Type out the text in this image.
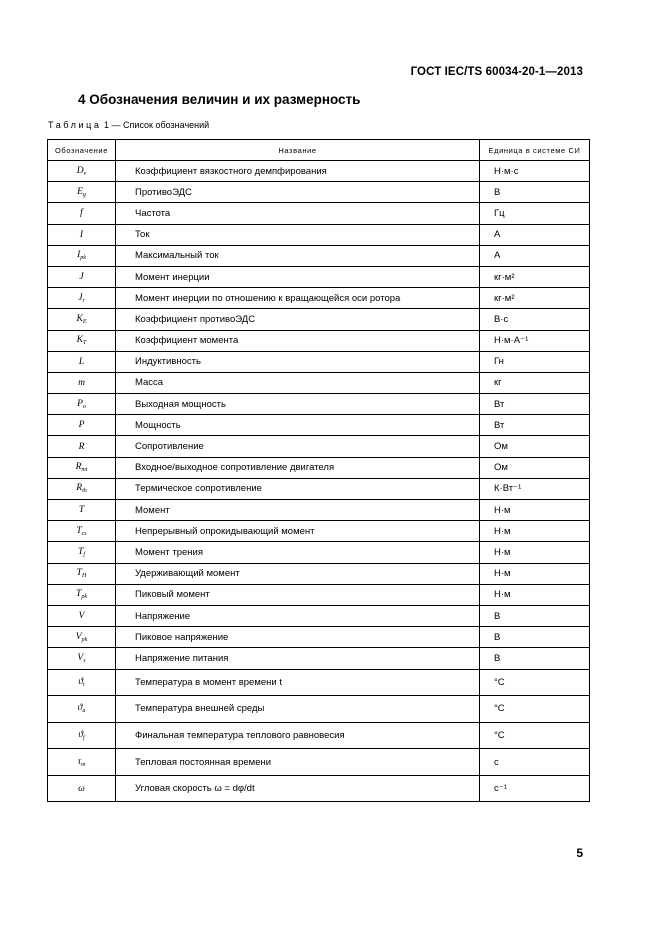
ГОСТ IEC/TS 60034-20-1—2013
4 Обозначения величин и их размерность
Таблица 1 — Список обозначений
Обозначение	Название	Единица в системе СИ
$D_v$	Коэффициент вязкостного демпфирования	Н·м·с
$E_g$	ПротивоЭДС	В
f	Частота	Гц
I	Ток	А
$I_{pk}$	Максимальный ток	А
J	Момент инерции	кг·м²
$J_r$	Момент инерции по отношению к вращающейся оси ротора	кг·м²
$K_E$	Коэффициент противоЭДС	В·с
$K_T$	Коэффициент момента	Н·м·А⁻¹
L	Индуктивность	Гн
m	Масса	кг
$P_o$	Выходная мощность	Вт
P	Мощность	Вт
R	Сопротивление	Ом
$R_{mt}$	Входное/выходное сопротивление двигателя	Ом
$R_{th}$	Термическое сопротивление	К·Вт⁻¹
T	Момент	Н·м
$T_{cs}$	Непрерывный опрокидывающий момент	Н·м
$T_f$	Момент трения	Н·м
$T_H$	Удерживающий момент	Н·м
$T_{pk}$	Пиковый момент	Н·м
V	Напряжение	В
$V_{pk}$	Пиковое напряжение	В
$V_s$	Напряжение питания	В
$ϑ_t$	Температура в момент времени t	°С
$ϑ_a$	Температура внешней среды	°С
$ϑ_f$	Финальная температура теплового равновесия	°С
$\tau_m$	Тепловая постоянная времени	с
ω	Угловая скорость ω = dφ/dt	с⁻¹
5
